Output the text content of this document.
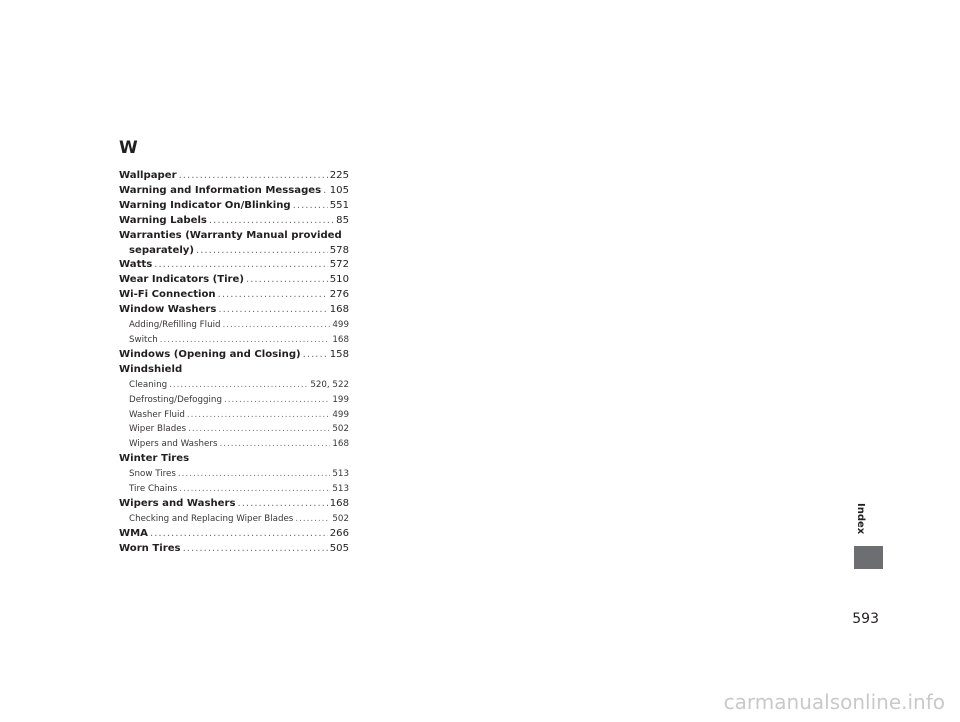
W
Wallpaper .....	225
Warning and Information Messages ..... 105
Warning Indicator On/Blinking .....	551
Warning Labels .....	85
Warranties (Warranty Manual provided
separately) .....	578
Watts .....	572
Wear Indicators (Tire) .....	510
Wi-Fi Connection .....	276
Window Washers .....	168
Adding/Refilling Fluid .....	499
Switch .....	168
Windows (Opening and Closing) .....	158
Windshield
Cleaning .....	520, 522
Defrosting/Defogging .....	199
Washer Fluid .....	499
Wiper Blades .....	502
Wipers and Washers .....	168
Winter Tires
Snow Tires .....	513
Tire Chains .....	513
Wipers and Washers .....	168
Checking and Replacing Wiper Blades .....	502
WMA .....	266
Worn Tires .....	505
Index
593
carmanualsonline.info
